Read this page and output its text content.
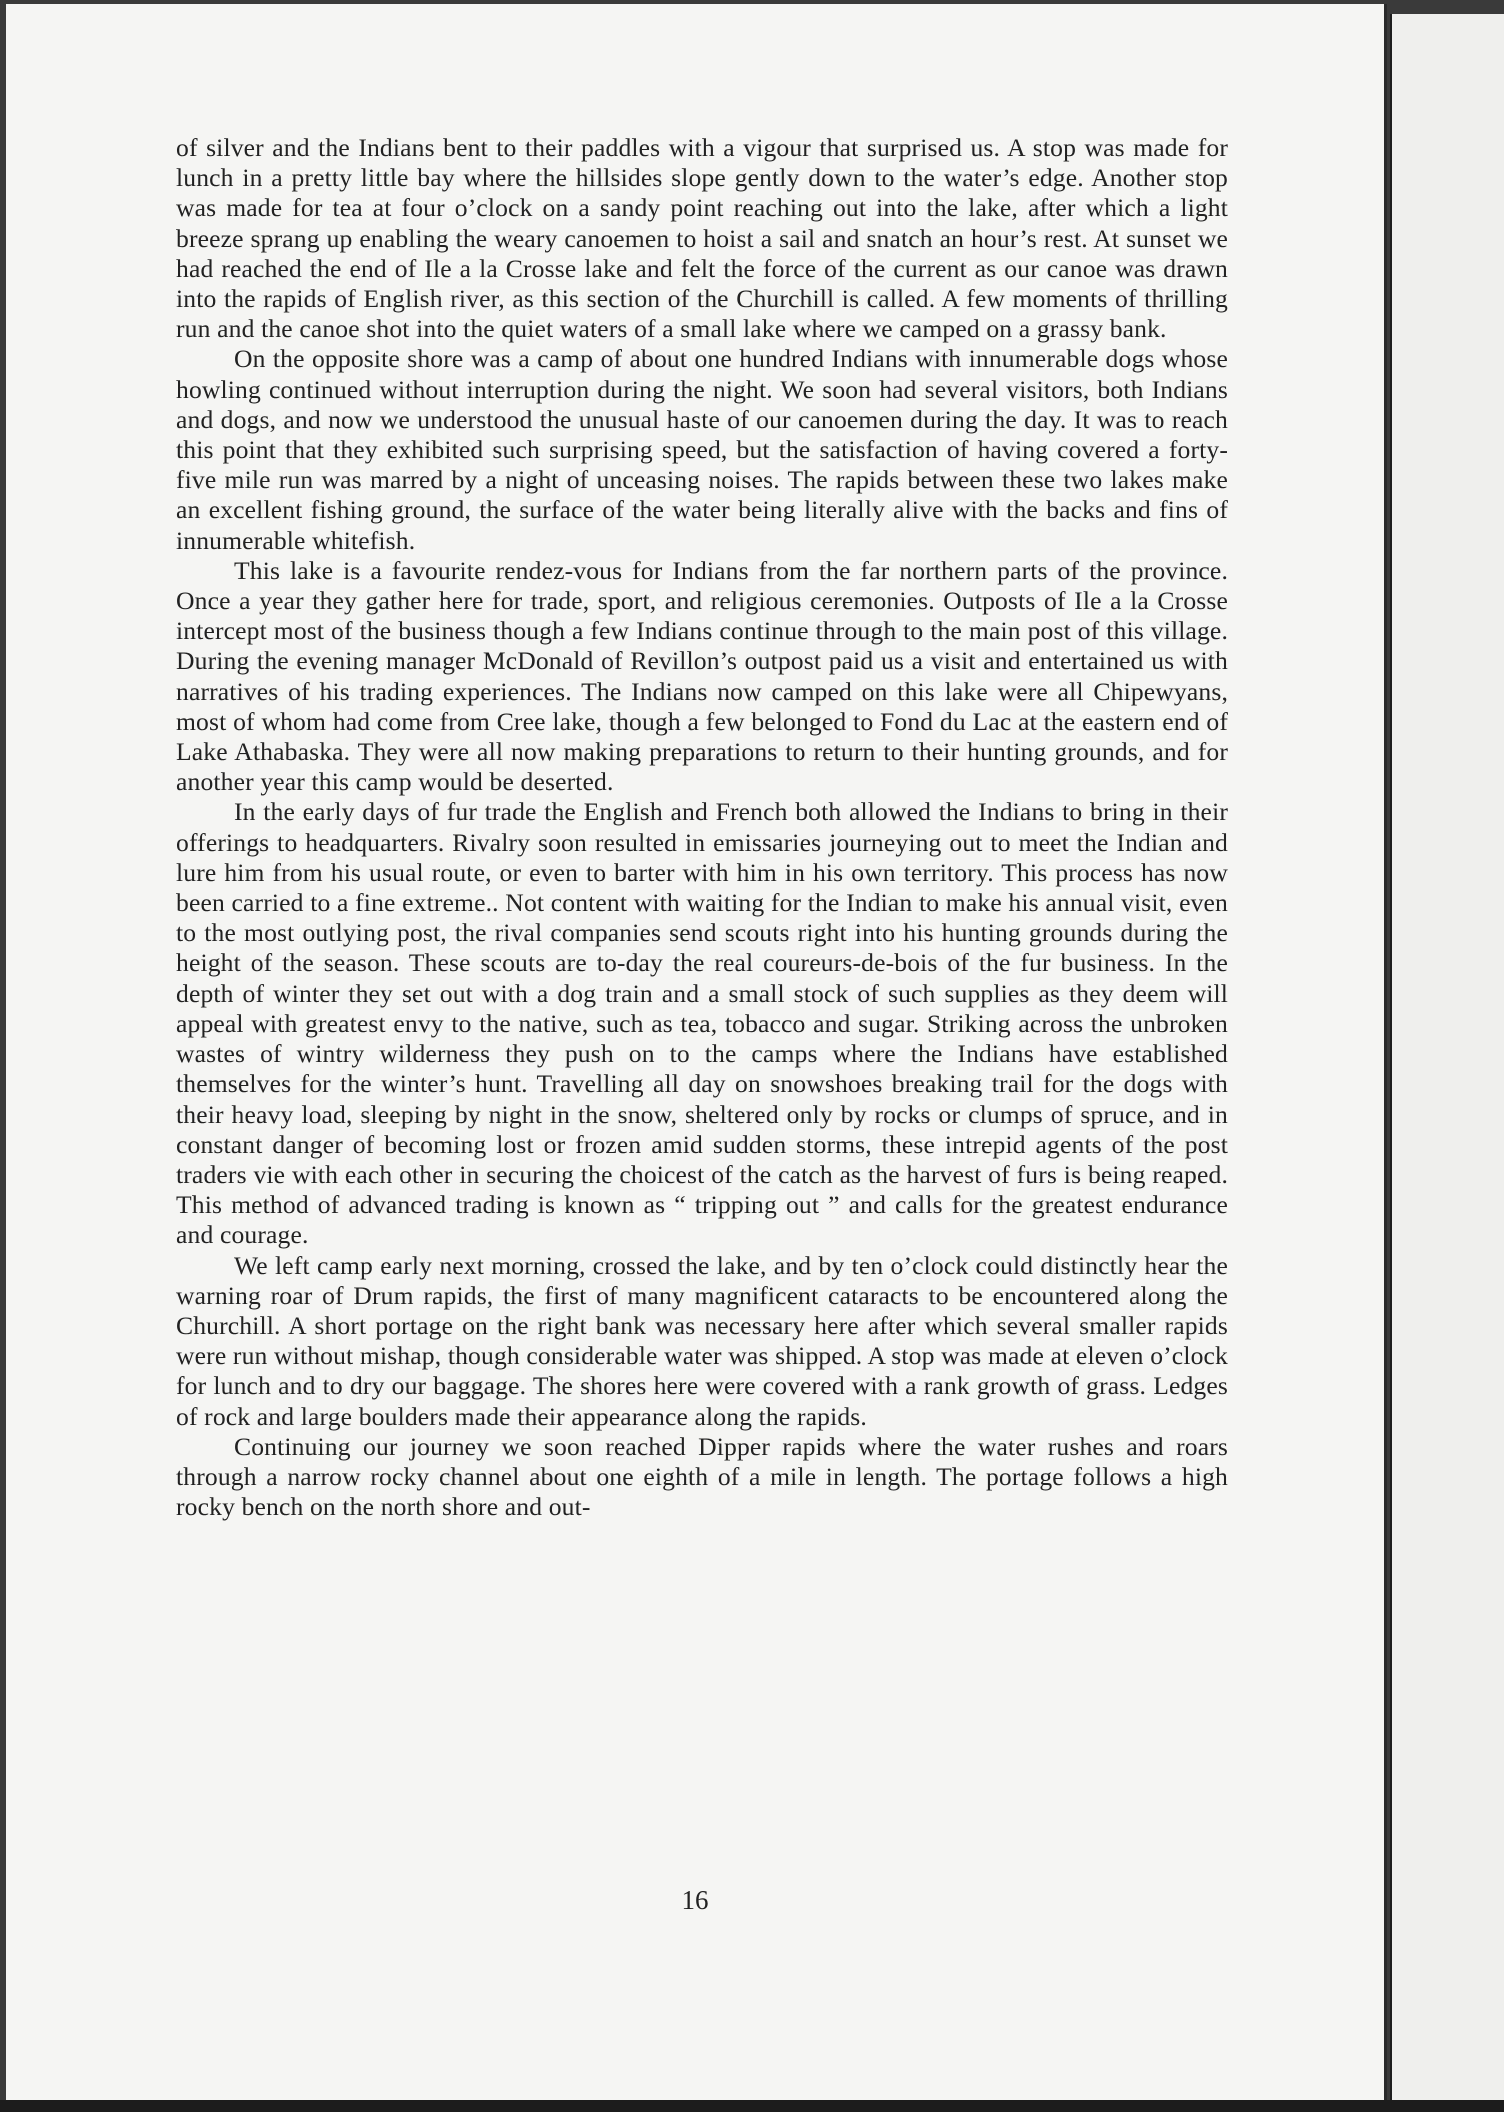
of silver and the Indians bent to their paddles with a vigour that surprised us. A stop was made for lunch in a pretty little bay where the hillsides slope gently down to the water’s edge. Another stop was made for tea at four o’clock on a sandy point reaching out into the lake, after which a light breeze sprang up enabling the weary canoemen to hoist a sail and snatch an hour’s rest. At sunset we had reached the end of Ile a la Crosse lake and felt the force of the current as our canoe was drawn into the rapids of English river, as this section of the Churchill is called. A few moments of thrilling run and the canoe shot into the quiet waters of a small lake where we camped on a grassy bank.

On the opposite shore was a camp of about one hundred Indians with innumerable dogs whose howling continued without interruption during the night. We soon had several visitors, both Indians and dogs, and now we understood the unusual haste of our canoemen during the day. It was to reach this point that they exhibited such surprising speed, but the satisfaction of having covered a forty-five mile run was marred by a night of unceasing noises. The rapids between these two lakes make an excellent fishing ground, the surface of the water being literally alive with the backs and fins of innumerable whitefish.

This lake is a favourite rendez-vous for Indians from the far northern parts of the province. Once a year they gather here for trade, sport, and religious ceremonies. Outposts of Ile a la Crosse intercept most of the business though a few Indians continue through to the main post of this village. During the evening manager McDonald of Revillon’s outpost paid us a visit and entertained us with narratives of his trading experiences. The Indians now camped on this lake were all Chipewyans, most of whom had come from Cree lake, though a few belonged to Fond du Lac at the eastern end of Lake Athabaska. They were all now making preparations to return to their hunting grounds, and for another year this camp would be deserted.

In the early days of fur trade the English and French both allowed the Indians to bring in their offerings to headquarters. Rivalry soon resulted in emissaries journeying out to meet the Indian and lure him from his usual route, or even to barter with him in his own territory. This process has now been carried to a fine extreme.. Not content with waiting for the Indian to make his annual visit, even to the most outlying post, the rival companies send scouts right into his hunting grounds during the height of the season. These scouts are to-day the real coureurs-de-bois of the fur business. In the depth of winter they set out with a dog train and a small stock of such supplies as they deem will appeal with greatest envy to the native, such as tea, tobacco and sugar. Striking across the unbroken wastes of wintry wilderness they push on to the camps where the Indians have established themselves for the winter’s hunt. Travelling all day on snowshoes breaking trail for the dogs with their heavy load, sleeping by night in the snow, sheltered only by rocks or clumps of spruce, and in constant danger of becoming lost or frozen amid sudden storms, these intrepid agents of the post traders vie with each other in securing the choicest of the catch as the harvest of furs is being reaped. This method of advanced trading is known as “ tripping out ” and calls for the greatest endurance and courage.

We left camp early next morning, crossed the lake, and by ten o’clock could distinctly hear the warning roar of Drum rapids, the first of many magnificent cataracts to be encountered along the Churchill. A short portage on the right bank was necessary here after which several smaller rapids were run without mishap, though considerable water was shipped. A stop was made at eleven o’clock for lunch and to dry our baggage. The shores here were covered with a rank growth of grass. Ledges of rock and large boulders made their appearance along the rapids.

Continuing our journey we soon reached Dipper rapids where the water rushes and roars through a narrow rocky channel about one eighth of a mile in length. The portage follows a high rocky bench on the north shore and out-

16
